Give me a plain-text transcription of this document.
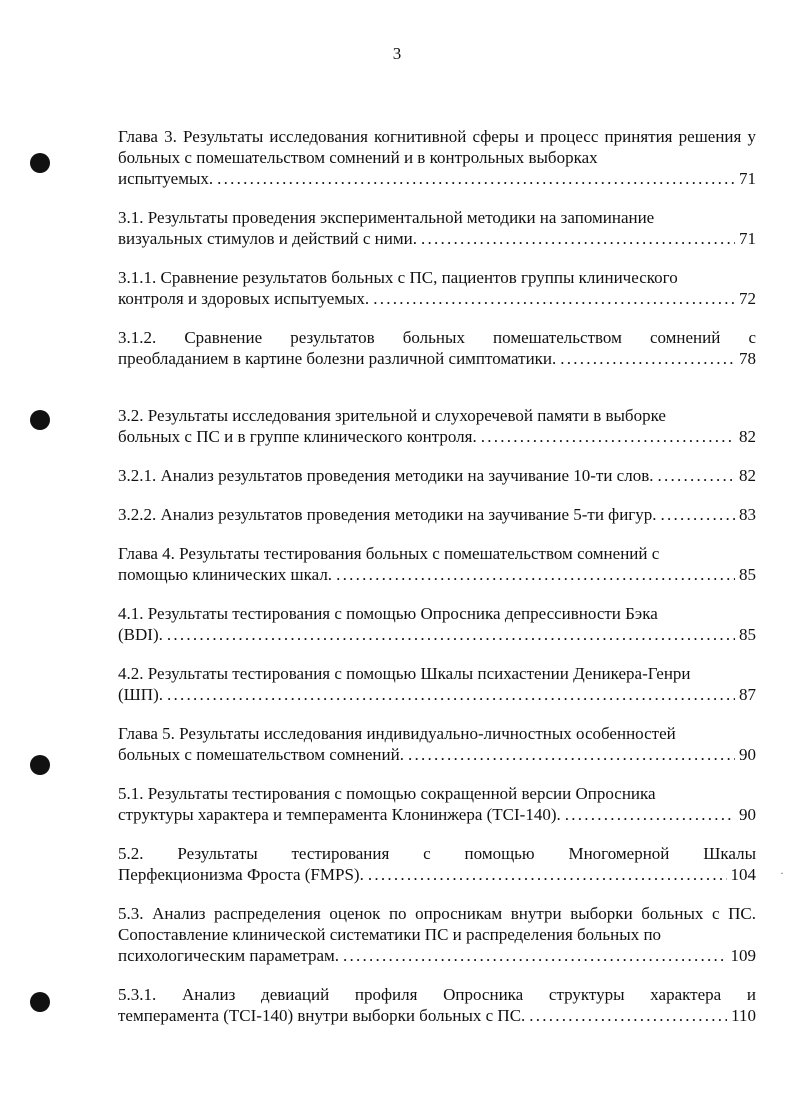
3
·
Глава 3. Результаты исследования когнитивной сферы и процесс принятия решения у больных с помешательством сомнений и в контрольных выборках
испытуемых. . . .	71
3.1. Результаты проведения экспериментальной методики на запоминание
визуальных стимулов и действий с ними. . . .	71
3.1.1. Сравнение результатов больных с ПС, пациентов группы клинического
контроля и здоровых испытуемых. . . .	72
3.1.2. Сравнение результатов больных помешательством сомнений с
преобладанием в картине болезни различной симптоматики. . . .	78
3.2. Результаты исследования зрительной и слухоречевой памяти в выборке
больных с ПС и в группе клинического контроля. . . .	82
3.2.1. Анализ результатов проведения методики на заучивание 10-ти слов. . . .	82
3.2.2. Анализ результатов проведения методики на заучивание 5-ти фигур. . . .	83
Глава 4. Результаты тестирования больных с помешательством сомнений с
помощью клинических шкал. . . .	85
4.1. Результаты тестирования с помощью Опросника депрессивности Бэка
(BDI). . . .	85
4.2. Результаты тестирования с помощью Шкалы психастении Деникера-Генри
(ШП). . . .	87
Глава 5. Результаты исследования индивидуально-личностных особенностей
больных с помешательством сомнений. . . .	90
5.1. Результаты тестирования с помощью сокращенной версии Опросника
структуры характера и темперамента Клонинжера (TCI-140). . . .	90
5.2. Результаты тестирования с помощью Многомерной Шкалы
Перфекционизма Фроста (FMPS). . . .	104
5.3. Анализ распределения оценок по опросникам внутри выборки больных с ПС. Сопоставление клинической систематики ПС и распределения больных по
психологическим параметрам. . . .	109
5.3.1. Анализ девиаций профиля Опросника структуры характера и
темперамента (TCI-140) внутри выборки больных с ПС. . . .	110
